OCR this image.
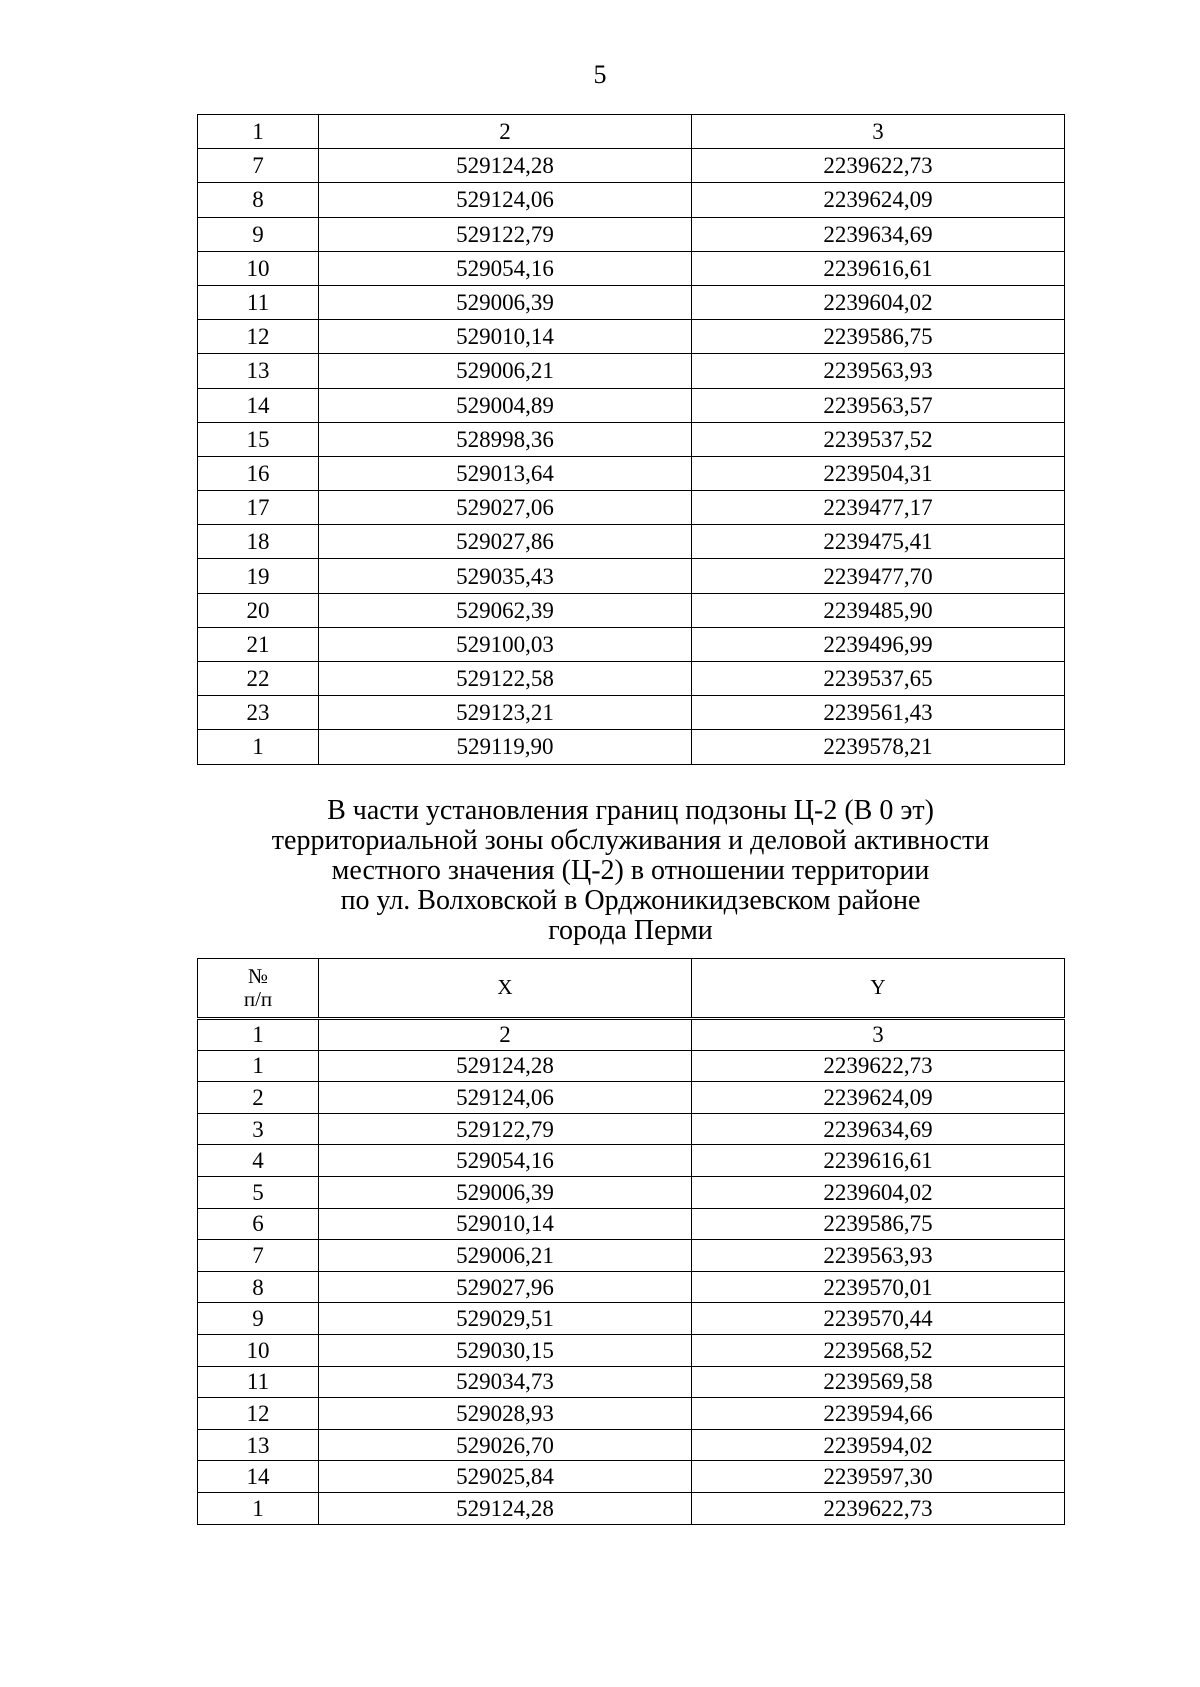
5
1	2	3
7	529124,28	2239622,73
8	529124,06	2239624,09
9	529122,79	2239634,69
10	529054,16	2239616,61
11	529006,39	2239604,02
12	529010,14	2239586,75
13	529006,21	2239563,93
14	529004,89	2239563,57
15	528998,36	2239537,52
16	529013,64	2239504,31
17	529027,06	2239477,17
18	529027,86	2239475,41
19	529035,43	2239477,70
20	529062,39	2239485,90
21	529100,03	2239496,99
22	529122,58	2239537,65
23	529123,21	2239561,43
1	529119,90	2239578,21
В части установления границ подзоны Ц-2 (В 0 эт)
территориальной зоны обслуживания и деловой активности
местного значения (Ц-2) в отношении территории
по ул. Волховской в Орджоникидзевском районе
города Перми
№
п/п	X	Y
1	2	3
1	529124,28	2239622,73
2	529124,06	2239624,09
3	529122,79	2239634,69
4	529054,16	2239616,61
5	529006,39	2239604,02
6	529010,14	2239586,75
7	529006,21	2239563,93
8	529027,96	2239570,01
9	529029,51	2239570,44
10	529030,15	2239568,52
11	529034,73	2239569,58
12	529028,93	2239594,66
13	529026,70	2239594,02
14	529025,84	2239597,30
1	529124,28	2239622,73
